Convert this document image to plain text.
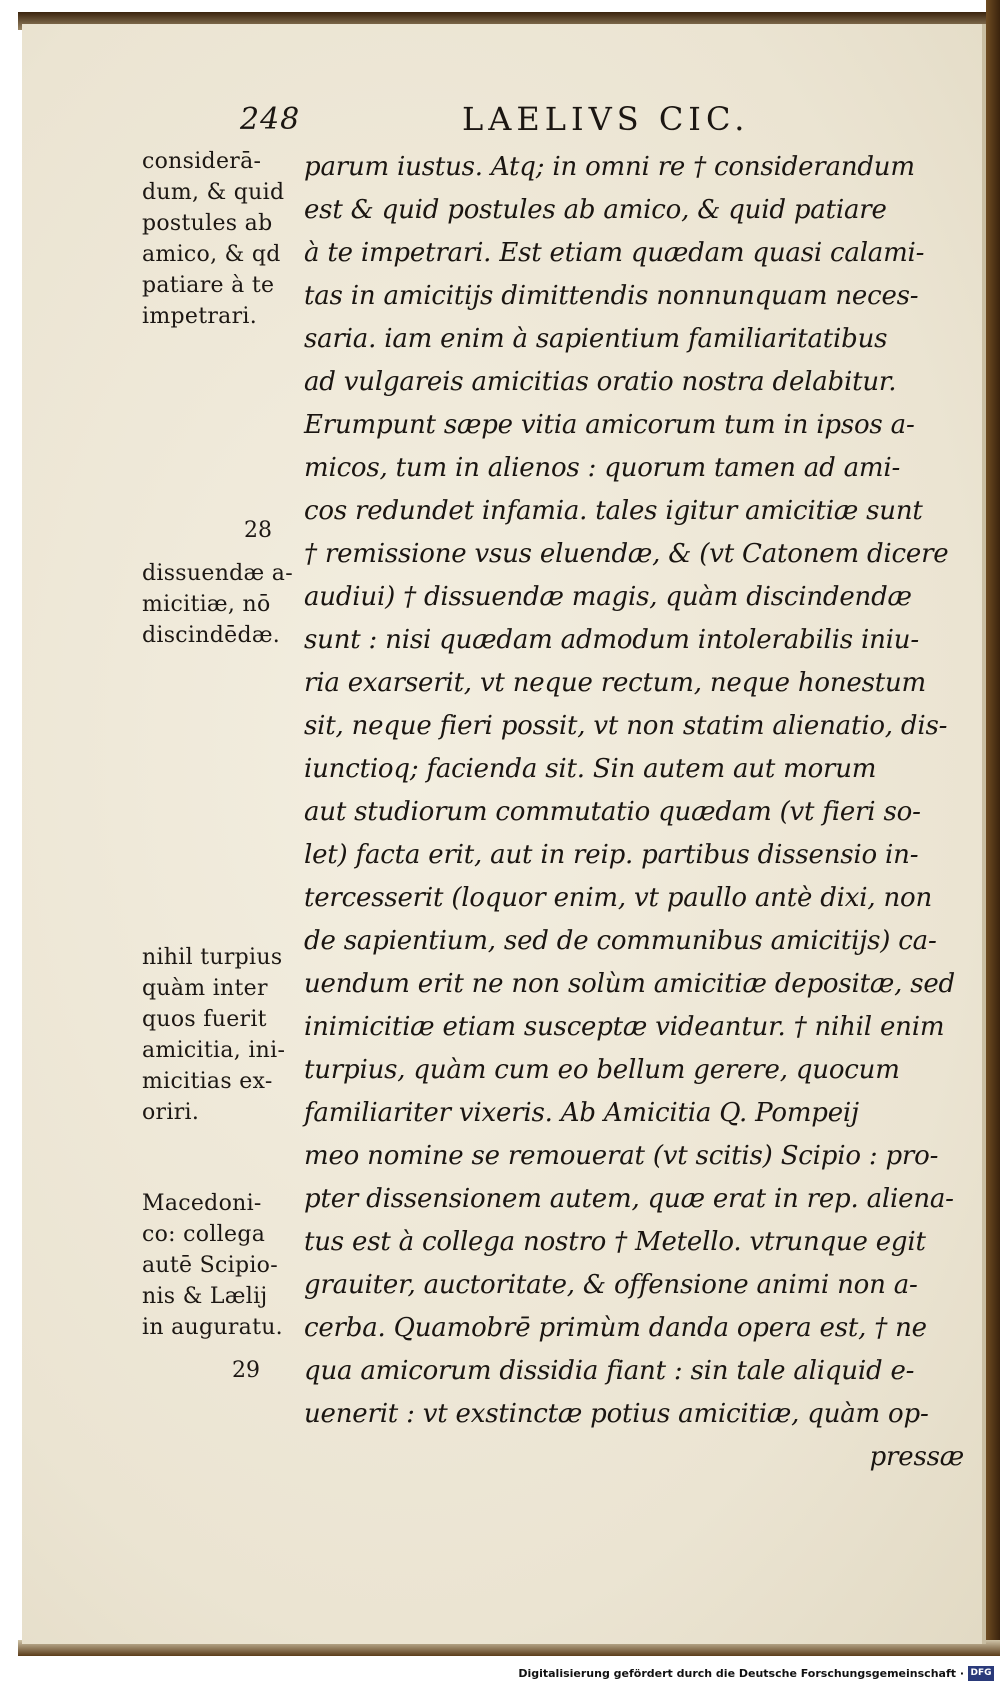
248	LAELIVS CIC.
parum iustus. Atq; in omni re † considerandum
est & quid postules ab amico, & quid patiare
à te impetrari. Est etiam quædam quasi calami-
tas in amicitijs dimittendis nonnunquam neces-
saria. iam enim à sapientium familiaritatibus
ad vulgareis amicitias oratio nostra delabitur.
Erumpunt sæpe vitia amicorum tum in ipsos a-
micos, tum in alienos : quorum tamen ad ami-
cos redundet infamia. tales igitur amicitiæ sunt
† remissione vsus eluendæ, & (vt Catonem dicere
audiui) † dissuendæ magis, quàm discindendæ
sunt : nisi quædam admodum intolerabilis iniu-
ria exarserit, vt neque rectum, neque honestum
sit, neque fieri possit, vt non statim alienatio, dis-
iunctioq; facienda sit. Sin autem aut morum
aut studiorum commutatio quædam (vt fieri so-
let) facta erit, aut in reip. partibus dissensio in-
tercesserit (loquor enim, vt paullo antè dixi, non
de sapientium, sed de communibus amicitijs) ca-
uendum erit ne non solùm amicitiæ depositæ, sed
inimicitiæ etiam susceptæ videantur. † nihil enim
turpius, quàm cum eo bellum gerere, quocum
familiariter vixeris. Ab Amicitia Q. Pompeij
meo nomine se remouerat (vt scitis) Scipio : pro-
pter dissensionem autem, quæ erat in rep. aliena-
tus est à collega nostro † Metello. vtrunque egit
grauiter, auctoritate, & offensione animi non a-
cerba. Quamobrē primùm danda opera est, † ne
qua amicorum dissidia fiant : sin tale aliquid e-
uenerit : vt exstinctæ potius amicitiæ, quàm op-
pressæ
considerā-
dum, & quid
postules ab
amico, & qd
patiare à te
impetrari.
28
dissuendæ a-
micitiæ, nō
discindēdæ.
nihil turpius
quàm inter
quos fuerit
amicitia, ini-
micitias ex-
oriri.
Macedoni-
co: collega
autē Scipio-
nis & Lælij
in auguratu.
29
Digitalisierung gefördert durch die Deutsche Forschungsgemeinschaft · DFG
